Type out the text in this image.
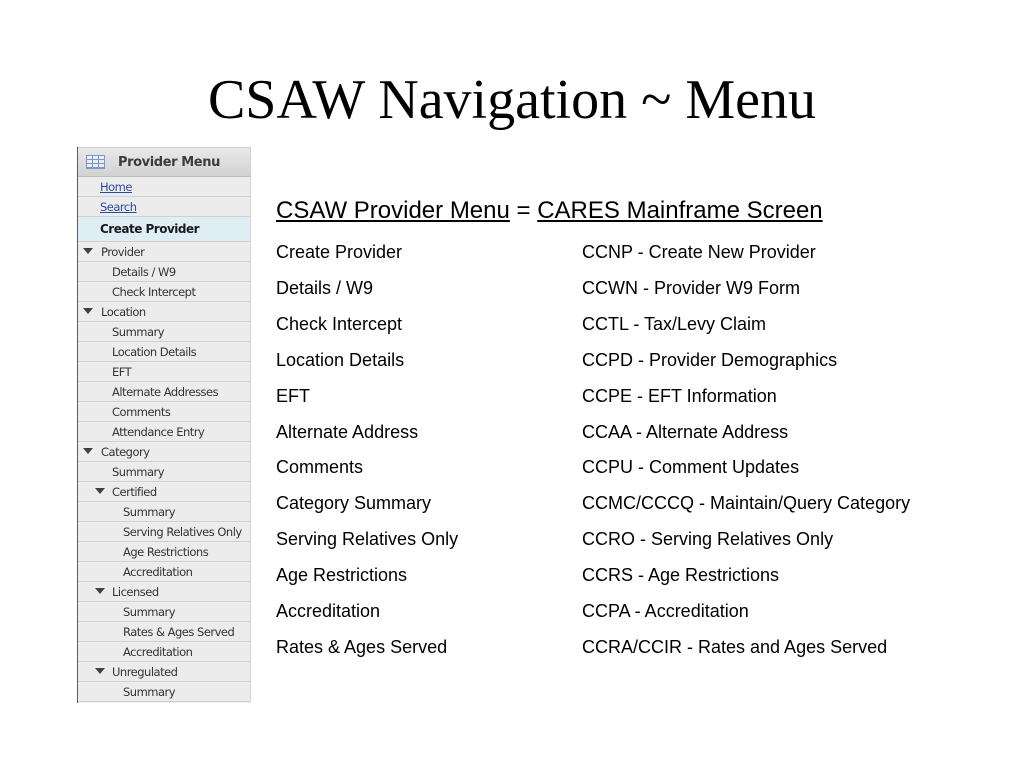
CSAW Navigation ~ Menu
Provider Menu
Home
Search
Create Provider
Provider
Details / W9
Check Intercept
Location
Summary
Location Details
EFT
Alternate Addresses
Comments
Attendance Entry
Category
Summary
Certified
Summary
Serving Relatives Only
Age Restrictions
Accreditation
Licensed
Summary
Rates & Ages Served
Accreditation
Unregulated
Summary
CSAW Provider Menu = CARES Mainframe Screen
Create Provider	CCNP - Create New Provider
Details / W9	CCWN - Provider W9 Form
Check Intercept	CCTL - Tax/Levy Claim
Location Details	CCPD - Provider Demographics
EFT	CCPE - EFT Information
Alternate Address	CCAA - Alternate Address
Comments	CCPU - Comment Updates
Category Summary	CCMC/CCCQ - Maintain/Query Category
Serving Relatives Only	CCRO - Serving Relatives Only
Age Restrictions	CCRS - Age Restrictions
Accreditation	CCPA - Accreditation
Rates & Ages Served	CCRA/CCIR - Rates and Ages Served
